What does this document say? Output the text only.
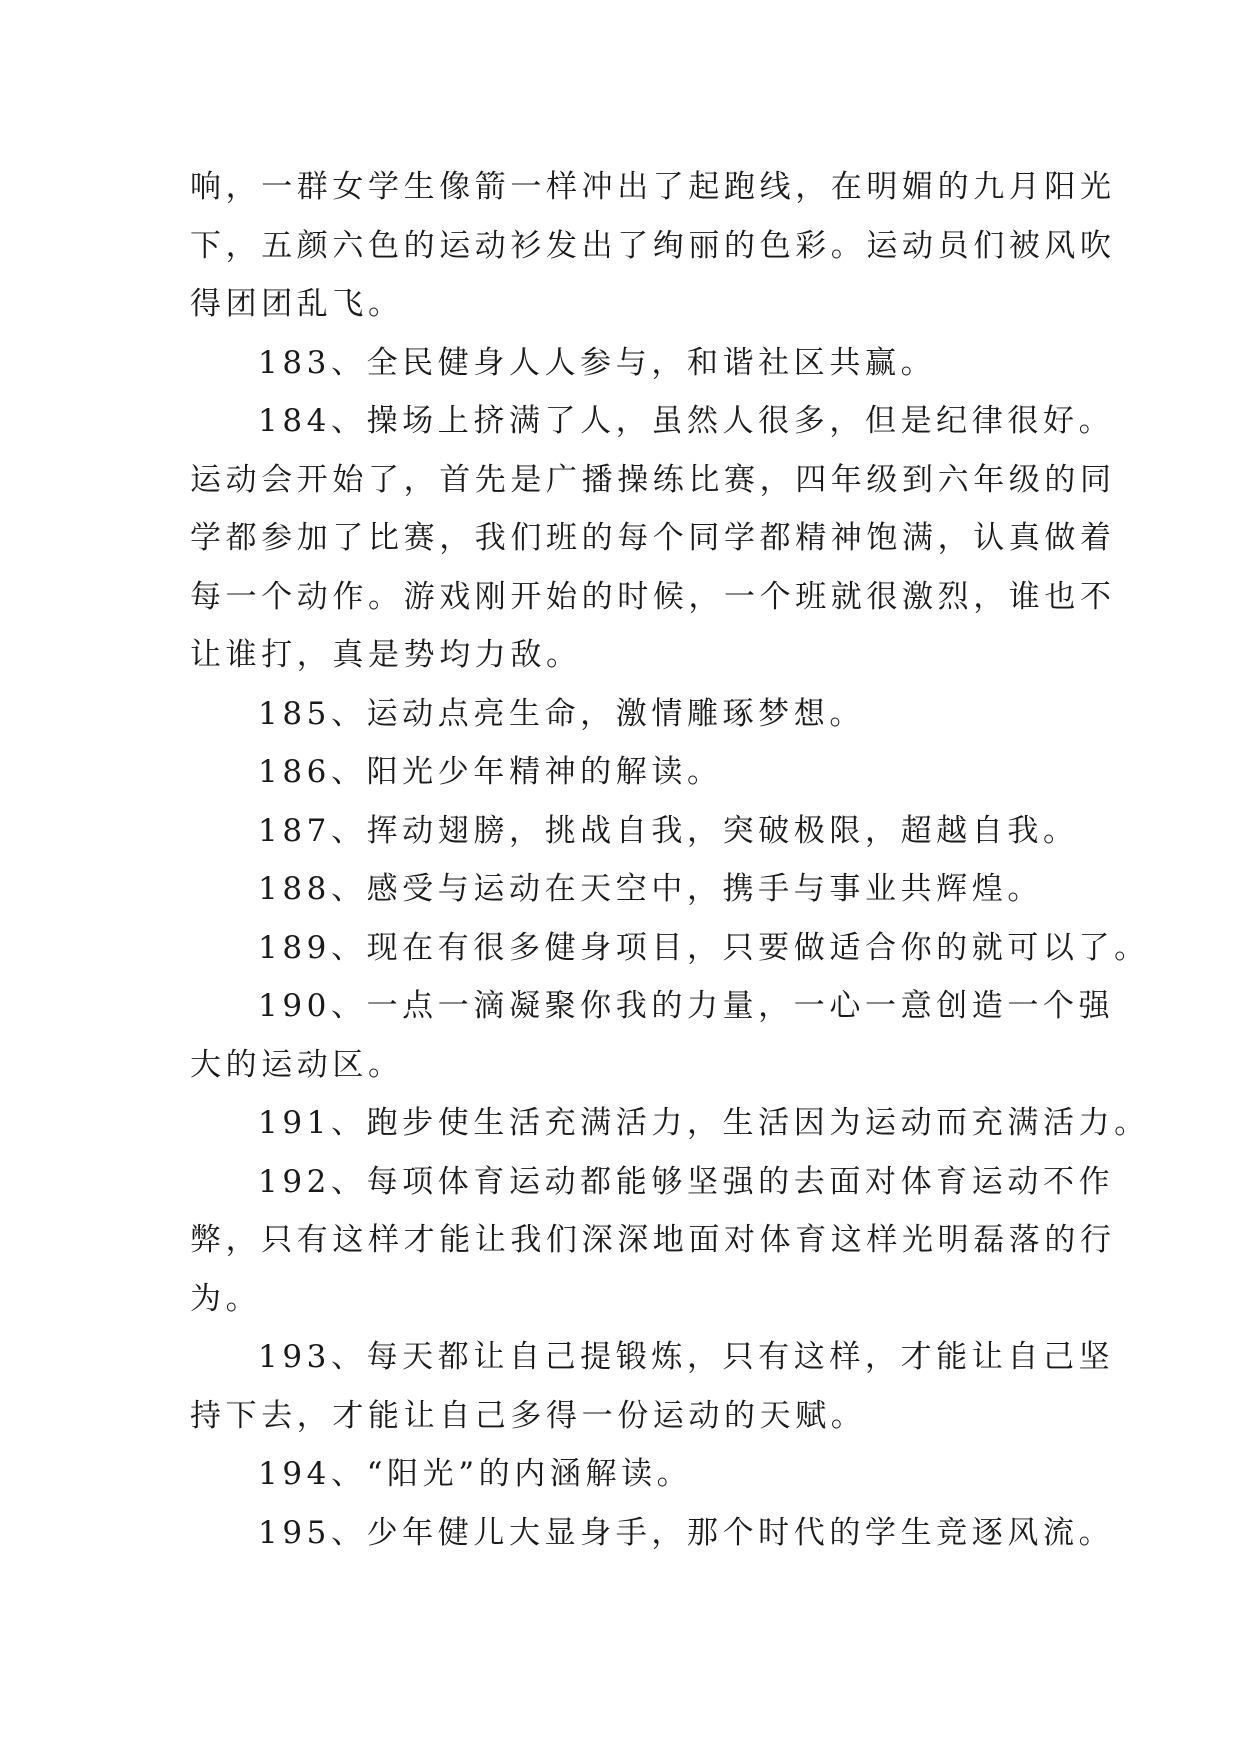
响，一群女学生像箭一样冲出了起跑线，在明媚的九月阳光
下，五颜六色的运动衫发出了绚丽的色彩。运动员们被风吹
得团团乱飞。
183、全民健身人人参与，和谐社区共赢。
184、操场上挤满了人，虽然人很多，但是纪律很好。
运动会开始了，首先是广播操练比赛，四年级到六年级的同
学都参加了比赛，我们班的每个同学都精神饱满，认真做着
每一个动作。游戏刚开始的时候，一个班就很激烈，谁也不
让谁打，真是势均力敌。
185、运动点亮生命，激情雕琢梦想。
186、阳光少年精神的解读。
187、挥动翅膀，挑战自我，突破极限，超越自我。
188、感受与运动在天空中，携手与事业共辉煌。
189、现在有很多健身项目，只要做适合你的就可以了。
190、一点一滴凝聚你我的力量，一心一意创造一个强
大的运动区。
191、跑步使生活充满活力，生活因为运动而充满活力。
192、每项体育运动都能够坚强的去面对体育运动不作
弊，只有这样才能让我们深深地面对体育这样光明磊落的行
为。
193、每天都让自己提锻炼，只有这样，才能让自己坚
持下去，才能让自己多得一份运动的天赋。
194、“阳光”的内涵解读。
195、少年健儿大显身手，那个时代的学生竞逐风流。
